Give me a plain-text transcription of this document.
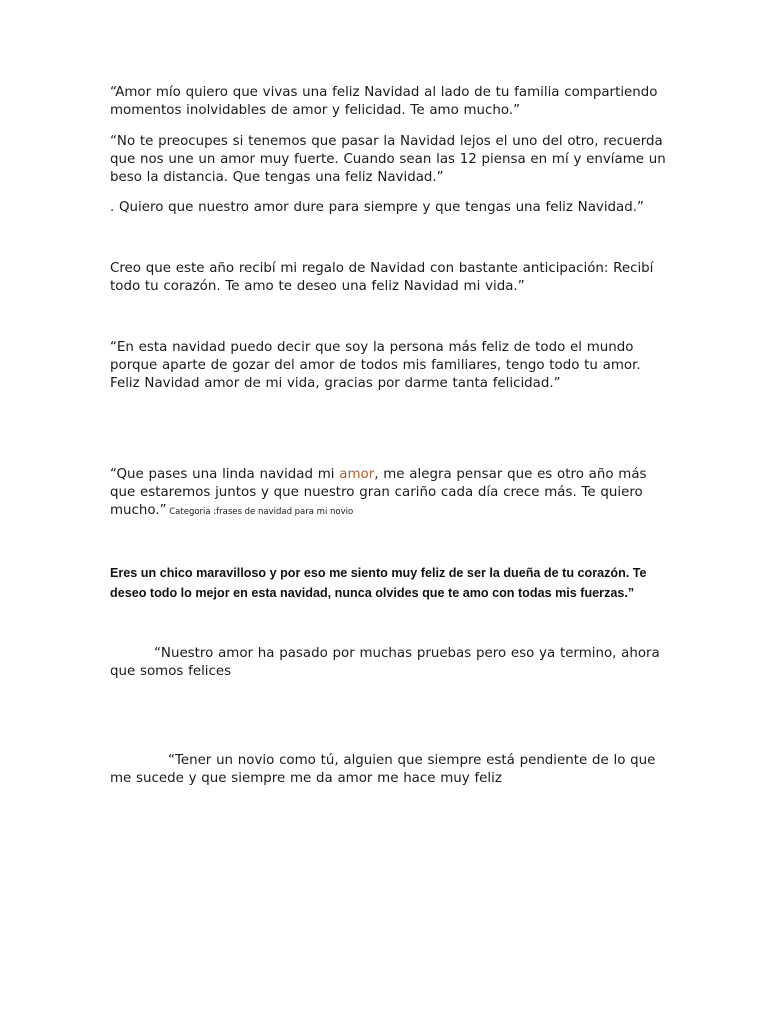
“Amor mío quiero que vivas una feliz Navidad al lado de tu familia compartiendo momentos inolvidables de amor y felicidad. Te amo mucho.”

“No te preocupes si tenemos que pasar la Navidad lejos el uno del otro, recuerda que nos une un amor muy fuerte. Cuando sean las 12 piensa en mí y envíame un beso la distancia. Que tengas una feliz Navidad.”

. Quiero que nuestro amor dure para siempre y que tengas una feliz Navidad.”

Creo que este año recibí mi regalo de Navidad con bastante anticipación: Recibí todo tu corazón. Te amo te deseo una feliz Navidad mi vida.”

“En esta navidad puedo decir que soy la persona más feliz de todo el mundo porque aparte de gozar del amor de todos mis familiares, tengo todo tu amor. Feliz Navidad amor de mi vida, gracias por darme tanta felicidad.”

“Que pases una linda navidad mi amor, me alegra pensar que es otro año más que estaremos juntos y que nuestro gran cariño cada día crece más. Te quiero mucho.” Categoria :frases de navidad para mi novio

Eres un chico maravilloso y por eso me siento muy feliz de ser la dueña de tu corazón. Te deseo todo lo mejor en esta navidad, nunca olvides que te amo con todas mis fuerzas.”

“Nuestro amor ha pasado por muchas pruebas pero eso ya termino, ahora que somos felices

“Tener un novio como tú, alguien que siempre está pendiente de lo que me sucede y que siempre me da amor me hace muy feliz
